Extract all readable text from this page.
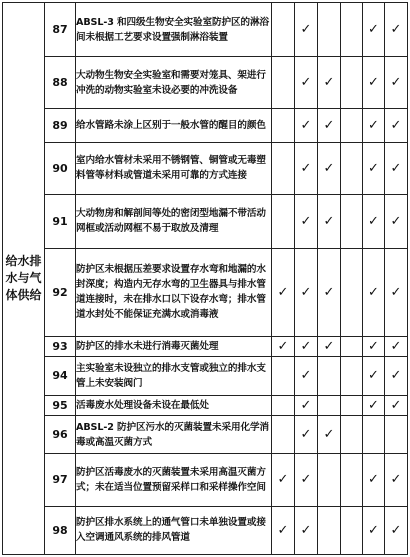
给水排水与气体供给	87	ABSL-3 和四级生物安全实验室防护区的淋浴间未根据工艺要求设置强制淋浴装置		✓			✓	✓
	88	大动物生物安全实验室和需要对笼具、架进行冲洗的动物实验室未设必要的冲洗设备		✓	✓		✓	✓
	89	给水管路未涂上区别于一般水管的醒目的颜色		✓	✓		✓	✓
	90	室内给水管材未采用不锈钢管、铜管或无毒塑料管等材料或管道未采用可靠的方式连接		✓	✓		✓	✓
	91	大动物房和解剖间等处的密闭型地漏不带活动网框或活动网框不易于取放及清理		✓	✓		✓	✓
	92	防护区未根据压差要求设置存水弯和地漏的水封深度；构造内无存水弯的卫生器具与排水管道连接时，未在排水口以下设存水弯；排水管道水封处不能保证充满水或消毒液	✓	✓	✓		✓	✓
	93	防护区的排水未进行消毒灭菌处理	✓	✓	✓		✓	✓
	94	主实验室未设独立的排水支管或独立的排水支管上未安装阀门		✓			✓	✓
	95	活毒废水处理设备未设在最低处		✓			✓	✓
	96	ABSL-2 防护区污水的灭菌装置未采用化学消毒或高温灭菌方式		✓	✓			
	97	防护区活毒废水的灭菌装置未采用高温灭菌方式；未在适当位置预留采样口和采样操作空间	✓	✓			✓	✓
	98	防护区排水系统上的通气管口未单独设置或接入空调通风系统的排风管道	✓	✓			✓	✓
